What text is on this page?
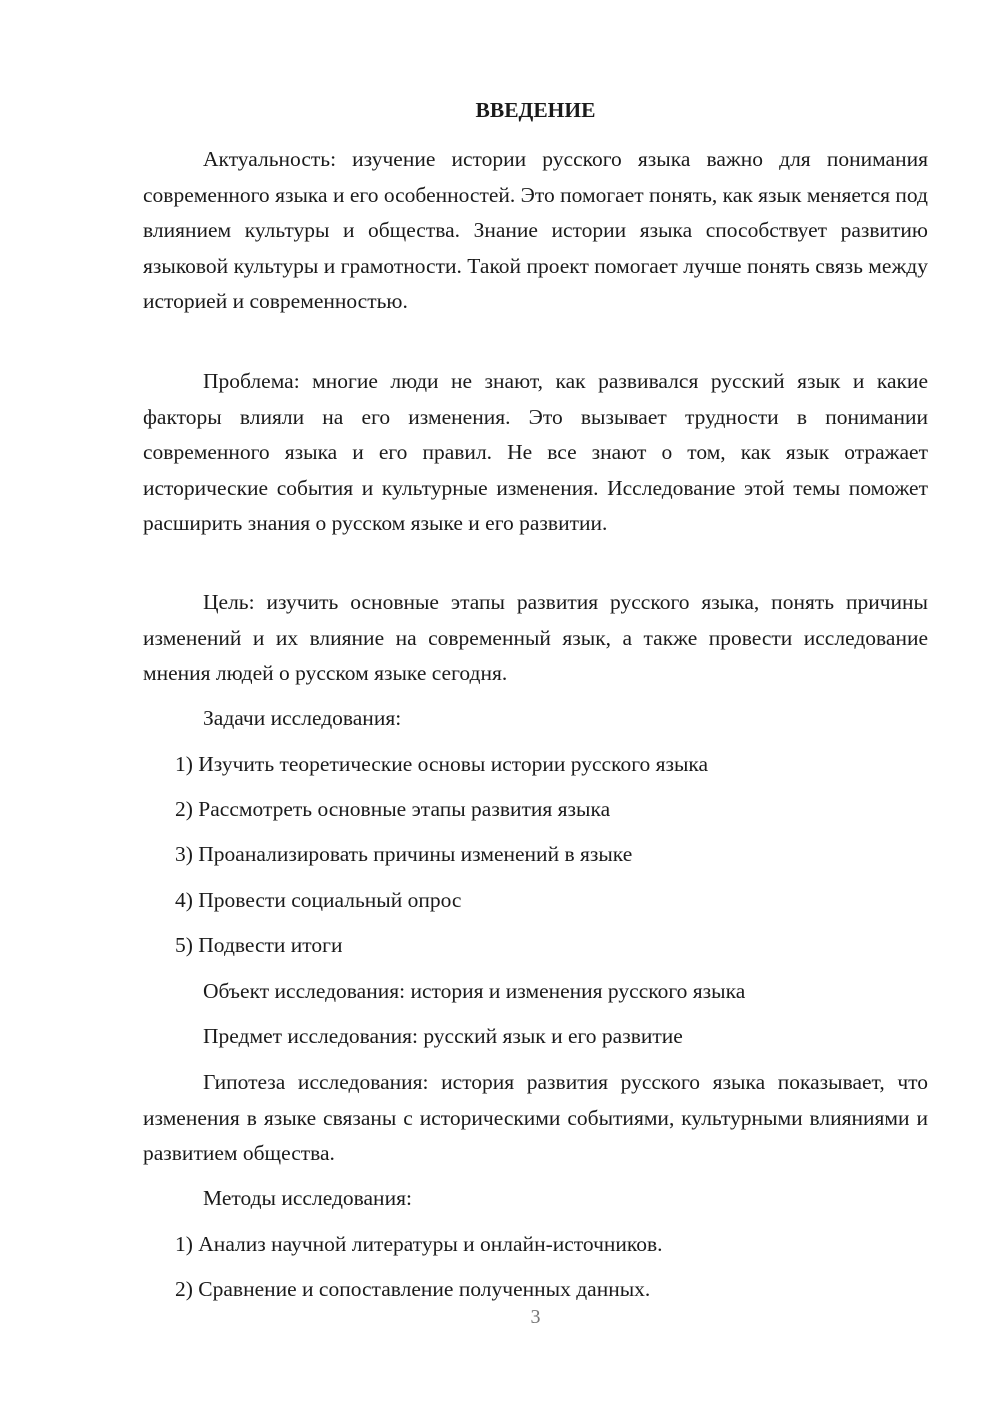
ВВЕДЕНИЕ
Актуальность: изучение истории русского языка важно для понимания современного языка и его особенностей. Это помогает понять, как язык меняется под влиянием культуры и общества. Знание истории языка способствует развитию языковой культуры и грамотности. Такой проект помогает лучше понять связь между историей и современностью.
Проблема: многие люди не знают, как развивался русский язык и какие факторы влияли на его изменения. Это вызывает трудности в понимании современного языка и его правил. Не все знают о том, как язык отражает исторические события и культурные изменения. Исследование этой темы поможет расширить знания о русском языке и его развитии.
Цель: изучить основные этапы развития русского языка, понять причины изменений и их влияние на современный язык, а также провести исследование мнения людей о русском языке сегодня.
Задачи исследования:
1) Изучить теоретические основы истории русского языка
2) Рассмотреть основные этапы развития языка
3) Проанализировать причины изменений в языке
4) Провести социальный опрос
5) Подвести итоги
Объект исследования: история и изменения русского языка
Предмет исследования: русский язык и его развитие
Гипотеза исследования: история развития русского языка показывает, что изменения в языке связаны с историческими событиями, культурными влияниями и развитием общества.
Методы исследования:
1) Анализ научной литературы и онлайн-источников.
2) Сравнение и сопоставление полученных данных.
3
